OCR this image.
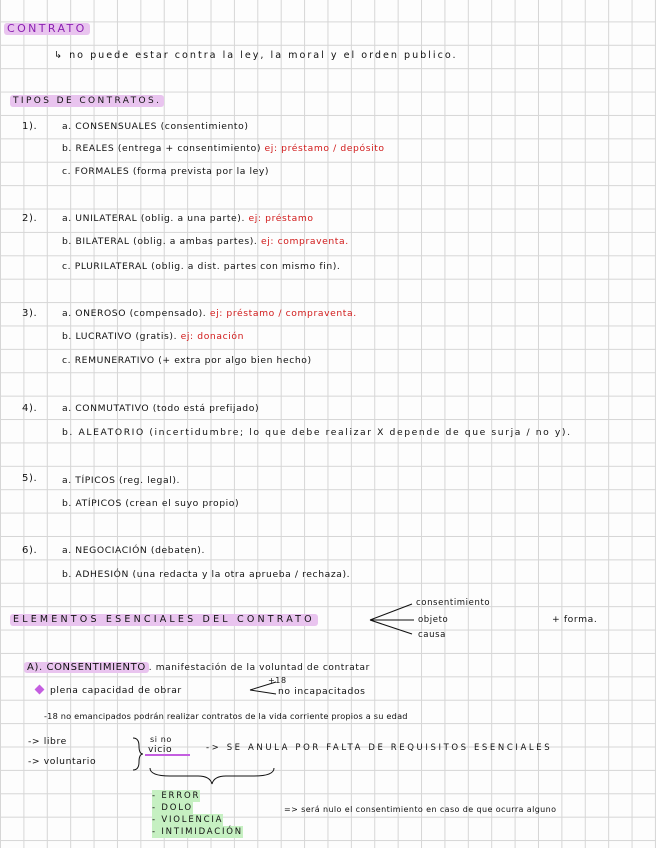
CONTRATO
↳ no puede estar contra la ley, la moral y el orden publico.
TIPOS DE CONTRATOS.
1).	a. CONSENSUALES (consentimiento)
b. REALES (entrega + consentimiento) ej: préstamo / depósito
c. FORMALES (forma prevista por la ley)
2).	a. UNILATERAL (oblig. a una parte). ej: préstamo
b. BILATERAL (oblig. a ambas partes). ej: compraventa.
c. PLURILATERAL (oblig. a dist. partes con mismo fin).
3).	a. ONEROSO (compensado). ej: préstamo / compraventa.
b. LUCRATIVO (gratis). ej: donación
c. REMUNERATIVO (+ extra por algo bien hecho)
4).	a. CONMUTATIVO (todo está prefijado)
b. ALEATORIO (incertidumbre; lo que debe realizar X depende de que surja / no y).
5).	a. TÍPICOS (reg. legal).
b. ATÍPICOS (crean el suyo propio)
6).	a. NEGOCIACIÓN (debaten).
b. ADHESIÓN (una redacta y la otra aprueba / rechaza).
ELEMENTOS ESENCIALES DEL CONTRATO
consentimiento
objeto
causa
+ forma.
A). CONSENTIMIENTO . manifestación de la voluntad de contratar
plena capacidad de obrar
+18
no incapacitados
-18 no emancipados podrán realizar contratos de la vida corriente propios a su edad
-> libre
-> voluntario
si no
vicio	-> SE ANULA POR FALTA DE REQUISITOS ESENCIALES
- ERROR
- DOLO
- VIOLENCIA
- INTIMIDACIÓN
=> será nulo el consentimiento en caso de que ocurra alguno
